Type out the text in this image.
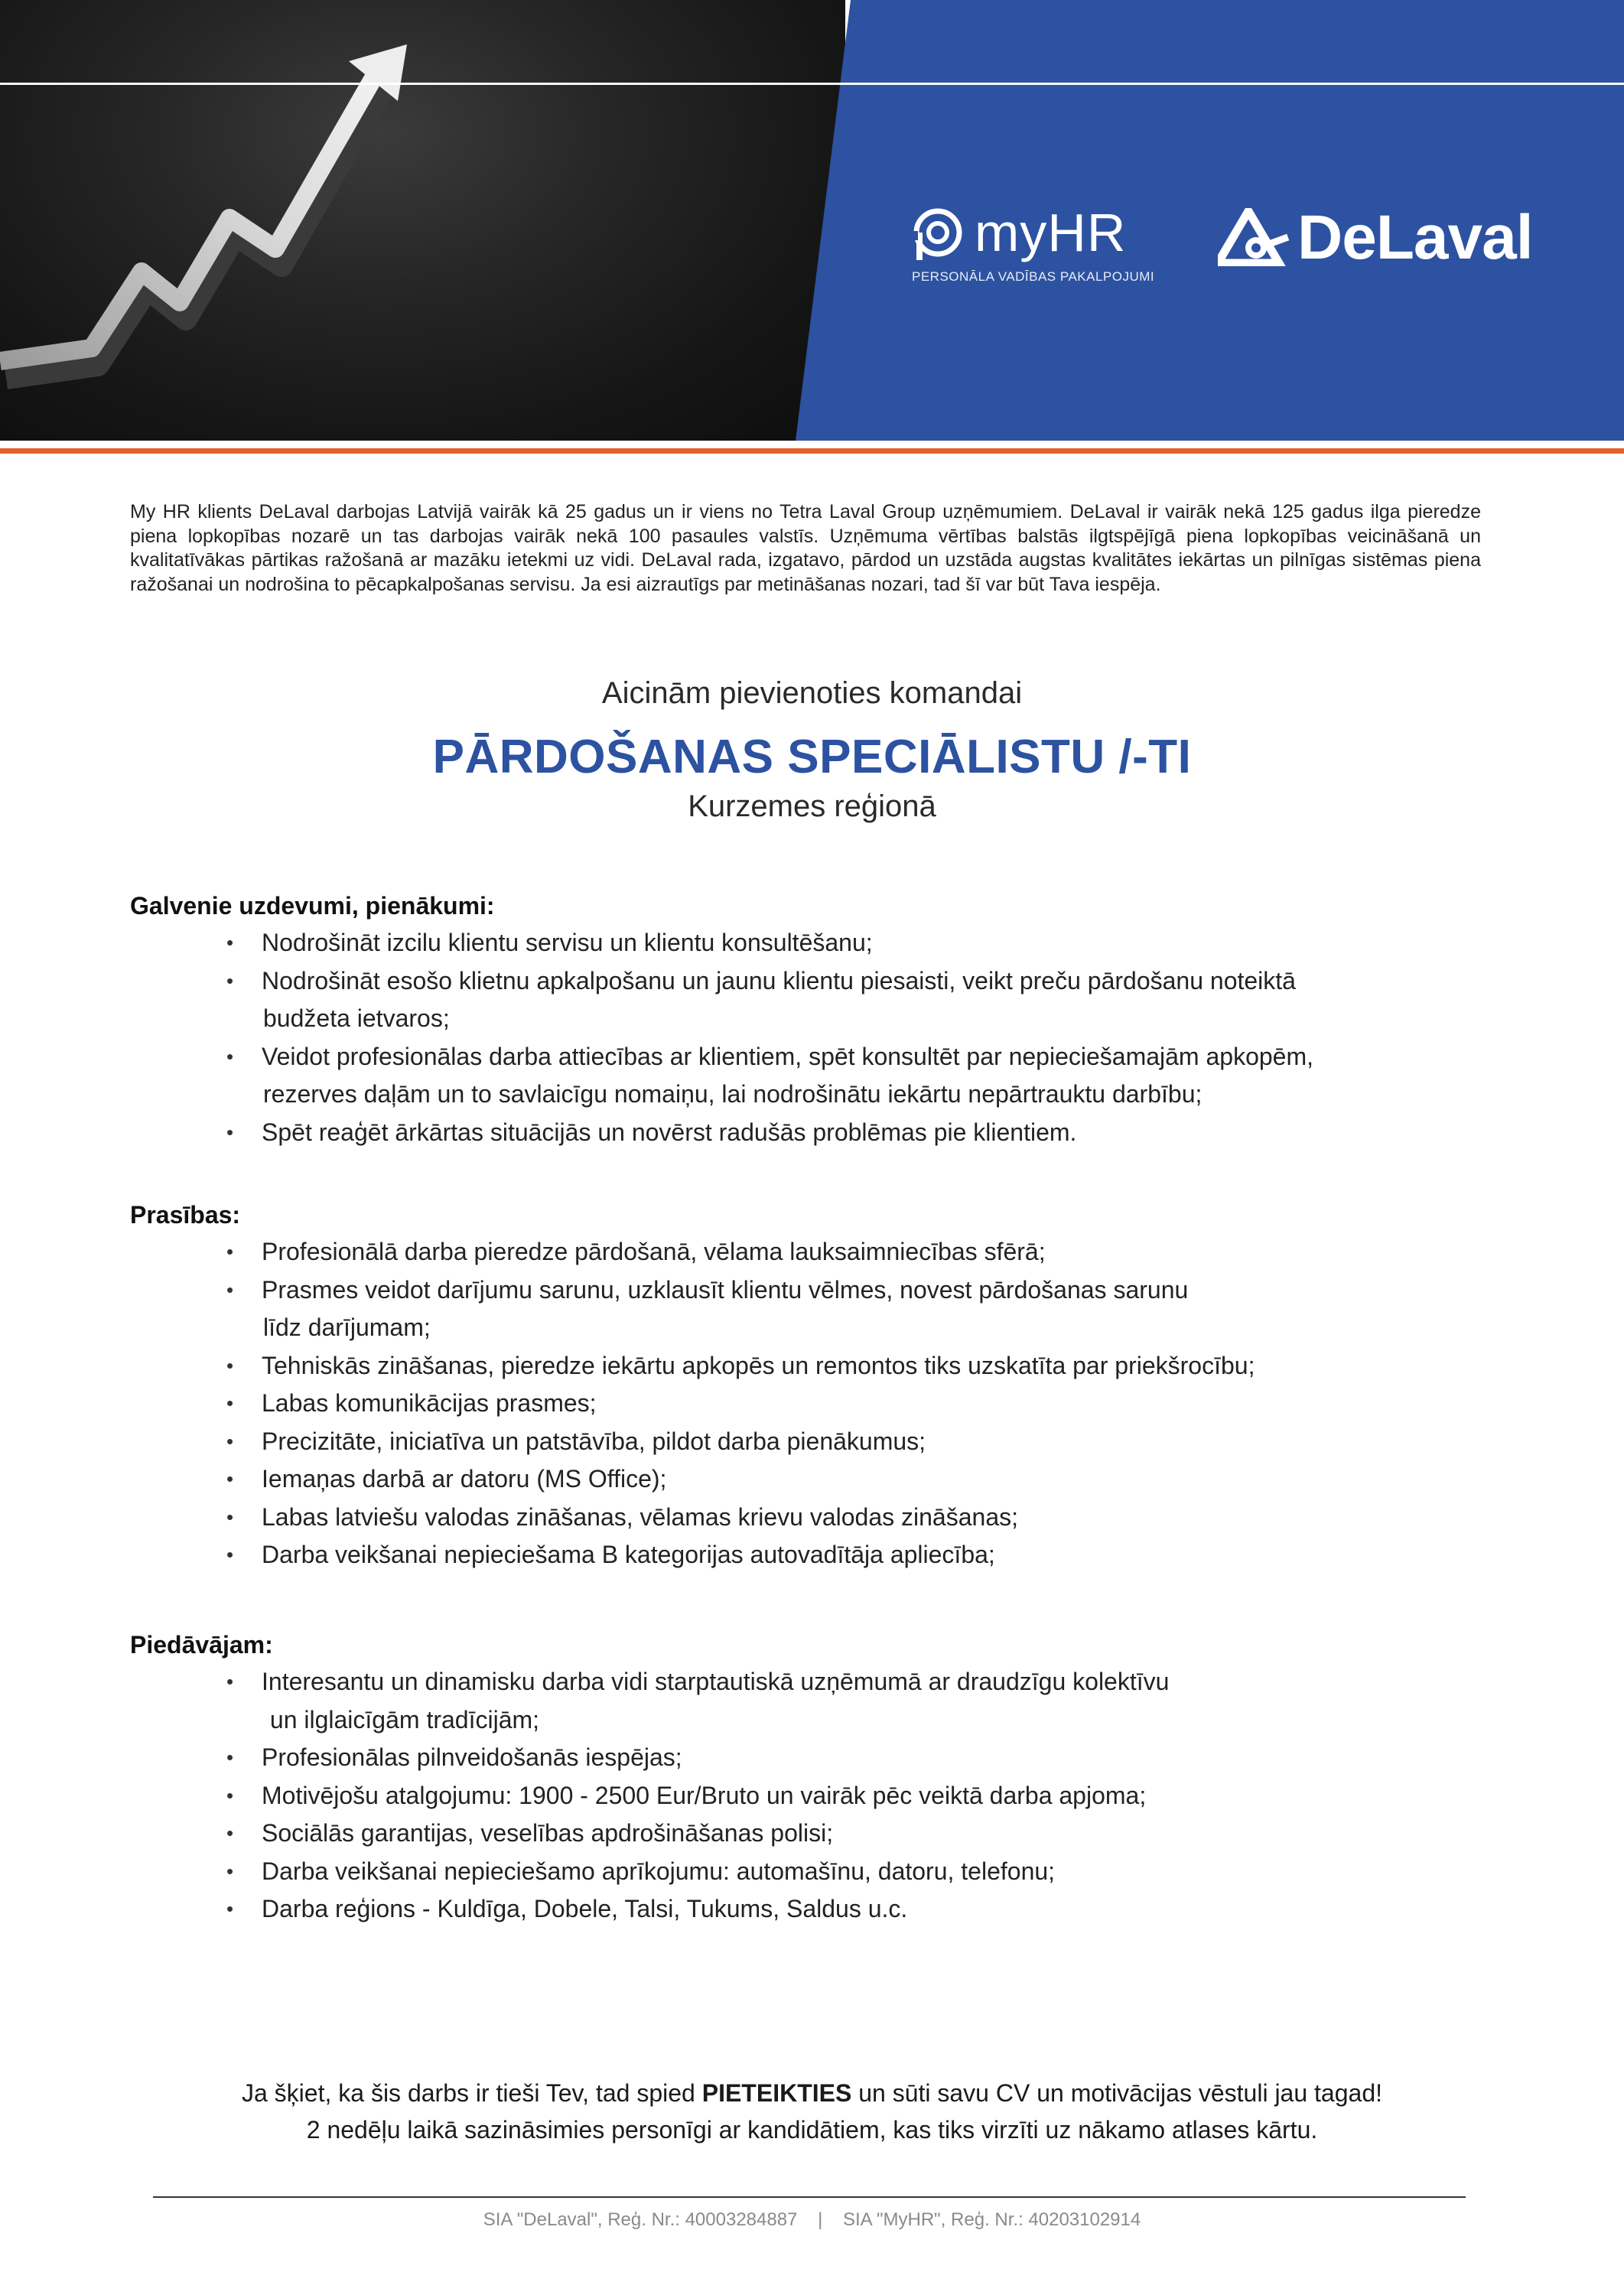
myHR
PERSONĀLA VADĪBAS PAKALPOJUMI
DeLaval

My HR klients DeLaval darbojas Latvijā vairāk kā 25 gadus un ir viens no Tetra Laval Group uzņēmumiem. DeLaval ir vairāk nekā 125 gadus ilga pieredze piena lopkopības nozarē un tas darbojas vairāk nekā 100 pasaules valstīs. Uzņēmuma vērtības balstās ilgtspējīgā piena lopkopības veicināšanā un kvalitatīvākas pārtikas ražošanā ar mazāku ietekmi uz vidi. DeLaval rada, izgatavo, pārdod un uzstāda augstas kvalitātes iekārtas un pilnīgas sistēmas piena ražošanai un nodrošina to pēcapkalpošanas servisu. Ja esi aizrautīgs par metināšanas nozari, tad šī var būt Tava iespēja.

Aicinām pievienoties komandai
PĀRDOŠANAS SPECIĀLISTU /-TI
Kurzemes reģionā
Galvenie uzdevumi, pienākumi:
• Nodrošināt izcilu klientu servisu un klientu konsultēšanu;
• Nodrošināt esošo klietnu apkalpošanu un jaunu klientu piesaisti, veikt preču pārdošanu noteiktā
budžeta ietvaros;
• Veidot profesionālas darba attiecības ar klientiem, spēt konsultēt par nepieciešamajām apkopēm,
rezerves daļām un to savlaicīgu nomaiņu, lai nodrošinātu iekārtu nepārtrauktu darbību;
• Spēt reaģēt ārkārtas situācijās un novērst radušās problēmas pie klientiem.
Prasības:
• Profesionālā darba pieredze pārdošanā, vēlama lauksaimniecības sfērā;
• Prasmes veidot darījumu sarunu, uzklausīt klientu vēlmes, novest pārdošanas sarunu
līdz darījumam;
• Tehniskās zināšanas, pieredze iekārtu apkopēs un remontos tiks uzskatīta par priekšrocību;
• Labas komunikācijas prasmes;
• Precizitāte, iniciatīva un patstāvība, pildot darba pienākumus;
• Iemaņas darbā ar datoru (MS Office);
• Labas latviešu valodas zināšanas, vēlamas krievu valodas zināšanas;
• Darba veikšanai nepieciešama B kategorijas autovadītāja apliecība;
Piedāvājam:
• Interesantu un dinamisku darba vidi starptautiskā uzņēmumā ar draudzīgu kolektīvu
un ilglaicīgām tradīcijām;
• Profesionālas pilnveidošanās iespējas;
• Motivējošu atalgojumu: 1900 - 2500 Eur/Bruto un vairāk pēc veiktā darba apjoma;
• Sociālās garantijas, veselības apdrošināšanas polisi;
• Darba veikšanai nepieciešamo aprīkojumu: automašīnu, datoru, telefonu;
• Darba reģions - Kuldīga, Dobele, Talsi, Tukums, Saldus u.c.
Ja šķiet, ka šis darbs ir tieši Tev, tad spied PIETEIKTIES un sūti savu CV un motivācijas vēstuli jau tagad!
2 nedēļu laikā sazināsimies personīgi ar kandidātiem, kas tiks virzīti uz nākamo atlases kārtu.
SIA "DeLaval", Reģ. Nr.: 40003284887    |    SIA "MyHR", Reģ. Nr.: 40203102914
